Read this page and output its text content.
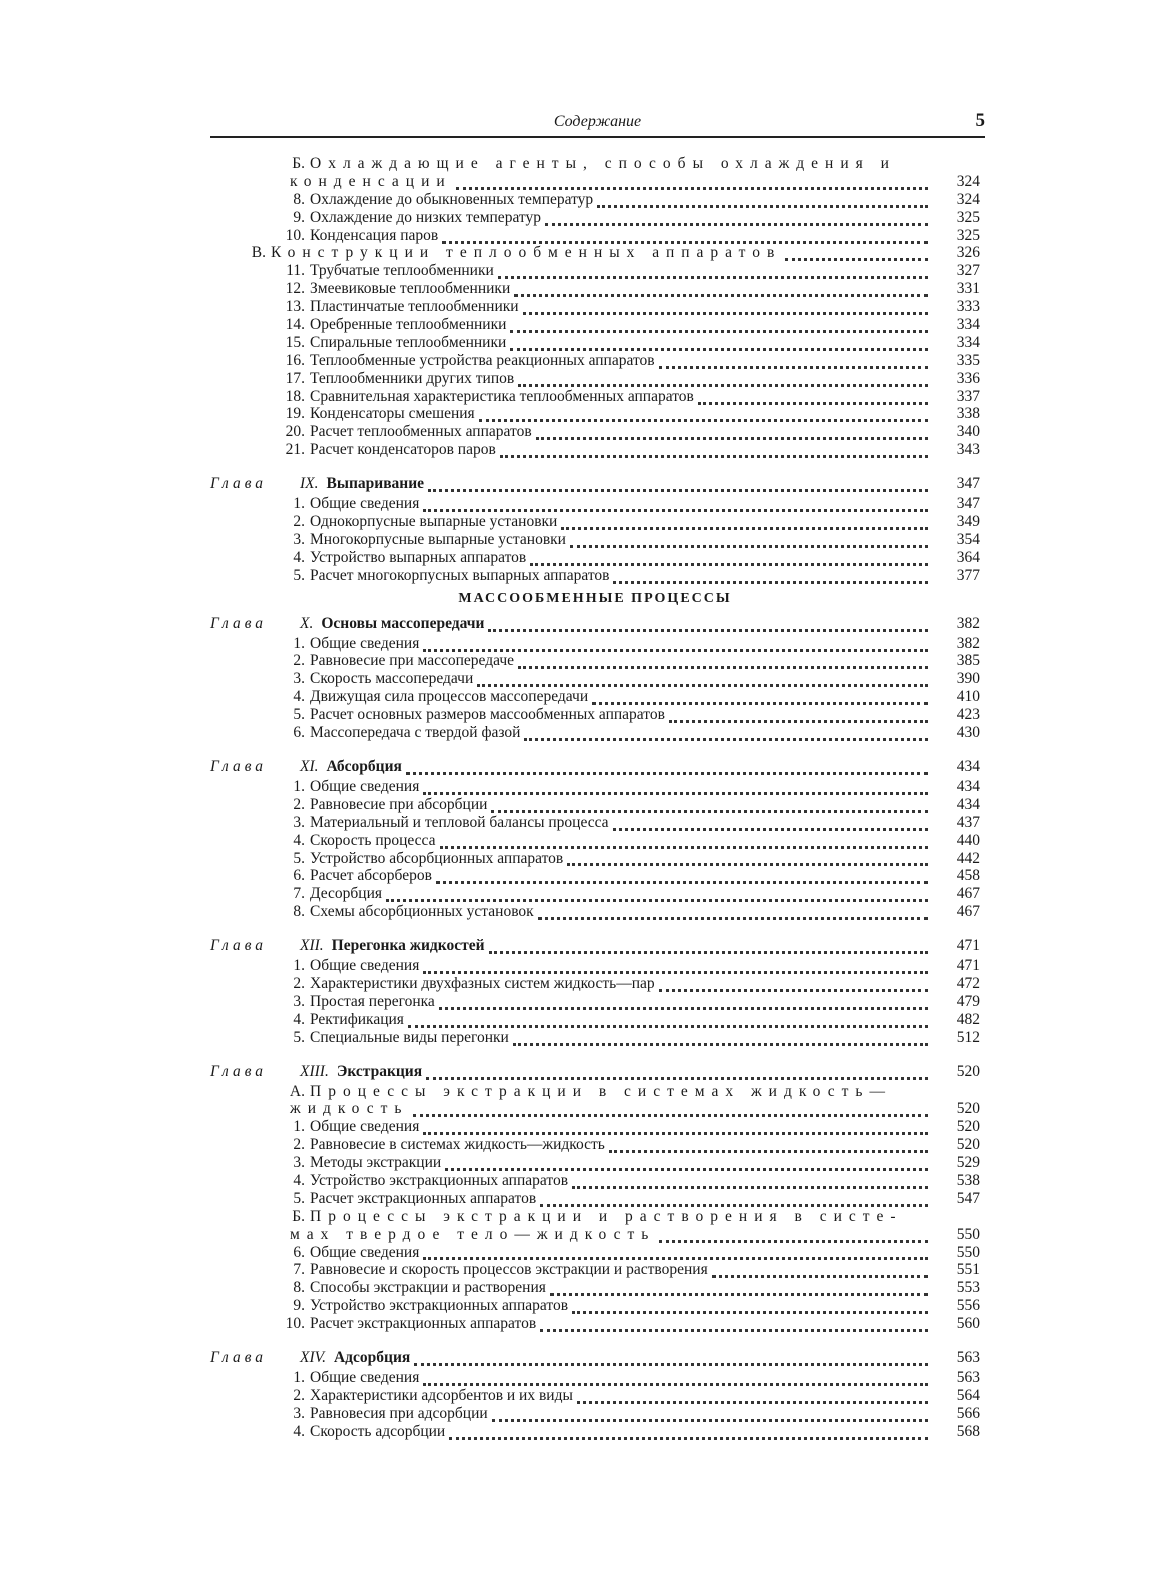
Содержание	5
Б. Охлаждающие агенты, способы охлаждения и
конденсации	324
8. Охлаждение до обыкновенных температур	324
9. Охлаждение до низких температур	325
10. Конденсация паров	325
В. Конструкции теплообменных аппаратов	326
11. Трубчатые теплообменники	327
12. Змеевиковые теплообменники	331
13. Пластинчатые теплообменники	333
14. Оребренные теплообменники	334
15. Спиральные теплообменники	334
16. Теплообменные устройства реакционных аппаратов	335
17. Теплообменники других типов	336
18. Сравнительная характеристика теплообменных аппаратов	337
19. Конденсаторы смешения	338
20. Расчет теплообменных аппаратов	340
21. Расчет конденсаторов паров	343
Глава	IX. Выпаривание	347
1. Общие сведения	347
2. Однокорпусные выпарные установки	349
3. Многокорпусные выпарные установки	354
4. Устройство выпарных аппаратов	364
5. Расчет многокорпусных выпарных аппаратов	377
МАССООБМЕННЫЕ ПРОЦЕССЫ
Глава	X. Основы массопередачи	382
1. Общие сведения	382
2. Равновесие при массопередаче	385
3. Скорость массопередачи	390
4. Движущая сила процессов массопередачи	410
5. Расчет основных размеров массообменных аппаратов	423
6. Массопередача с твердой фазой	430
Глава	XI. Абсорбция	434
1. Общие сведения	434
2. Равновесие при абсорбции	434
3. Материальный и тепловой балансы процесса	437
4. Скорость процесса	440
5. Устройство абсорбционных аппаратов	442
6. Расчет абсорберов	458
7. Десорбция	467
8. Схемы абсорбционных установок	467
Глава	XII. Перегонка жидкостей	471
1. Общие сведения	471
2. Характеристики двухфазных систем жидкость—пар	472
3. Простая перегонка	479
4. Ректификация	482
5. Специальные виды перегонки	512
Глава	XIII. Экстракция	520
А. Процессы экстракции в системах жидкость—
жидкость	520
1. Общие сведения	520
2. Равновесие в системах жидкость—жидкость	520
3. Методы экстракции	529
4. Устройство экстракционных аппаратов	538
5. Расчет экстракционных аппаратов	547
Б. Процессы экстракции и растворения в систе-
мах твердое тело—жидкость	550
6. Общие сведения	550
7. Равновесие и скорость процессов экстракции и растворения	551
8. Способы экстракции и растворения	553
9. Устройство экстракционных аппаратов	556
10. Расчет экстракционных аппаратов	560
Глава	XIV. Адсорбция	563
1. Общие сведения	563
2. Характеристики адсорбентов и их виды	564
3. Равновесия при адсорбции	566
4. Скорость адсорбции	568
